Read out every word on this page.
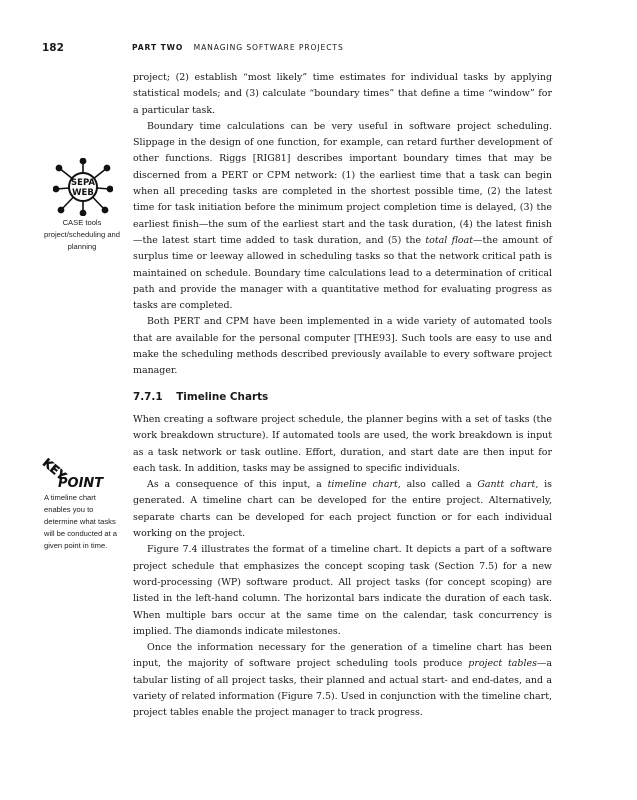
182	PART TWO MANAGING SOFTWARE PROJECTS
SEPA
WEB
CASE tools project/scheduling and planning
KEY
POINT
A timeline chart enables you to determine what tasks will be conducted at a given point in time.

project; (2) establish “most likely” time estimates for individual tasks by applying statistical models; and (3) calculate “boundary times” that define a time “window” for a particular task.

Boundary time calculations can be very useful in software project scheduling. Slippage in the design of one function, for example, can retard further development of other functions. Riggs [RIG81] describes important boundary times that may be discerned from a PERT or CPM network: (1) the earliest time that a task can begin when all preceding tasks are completed in the shortest possible time, (2) the latest time for task initiation before the minimum project completion time is delayed, (3) the earliest finish—the sum of the earliest start and the task duration, (4) the latest finish—the latest start time added to task duration, and (5) the total float—the amount of surplus time or leeway allowed in scheduling tasks so that the network critical path is maintained on schedule. Boundary time calculations lead to a determination of critical path and provide the manager with a quantitative method for evaluating progress as tasks are completed.

Both PERT and CPM have been implemented in a wide variety of automated tools that are available for the personal computer [THE93]. Such tools are easy to use and make the scheduling methods described previously available to every software project manager.

7.7.1 Timeline Charts

When creating a software project schedule, the planner begins with a set of tasks (the work breakdown structure). If automated tools are used, the work breakdown is input as a task network or task outline. Effort, duration, and start date are then input for each task. In addition, tasks may be assigned to specific individuals.

As a consequence of this input, a timeline chart, also called a Gantt chart, is generated. A timeline chart can be developed for the entire project. Alternatively, separate charts can be developed for each project function or for each individual working on the project.

Figure 7.4 illustrates the format of a timeline chart. It depicts a part of a software project schedule that emphasizes the concept scoping task (Section 7.5) for a new word-processing (WP) software product. All project tasks (for concept scoping) are listed in the left-hand column. The horizontal bars indicate the duration of each task. When multiple bars occur at the same time on the calendar, task concurrency is implied. The diamonds indicate milestones.

Once the information necessary for the generation of a timeline chart has been input, the majority of software project scheduling tools produce project tables—a tabular listing of all project tasks, their planned and actual start- and end-dates, and a variety of related information (Figure 7.5). Used in conjunction with the timeline chart, project tables enable the project manager to track progress.
